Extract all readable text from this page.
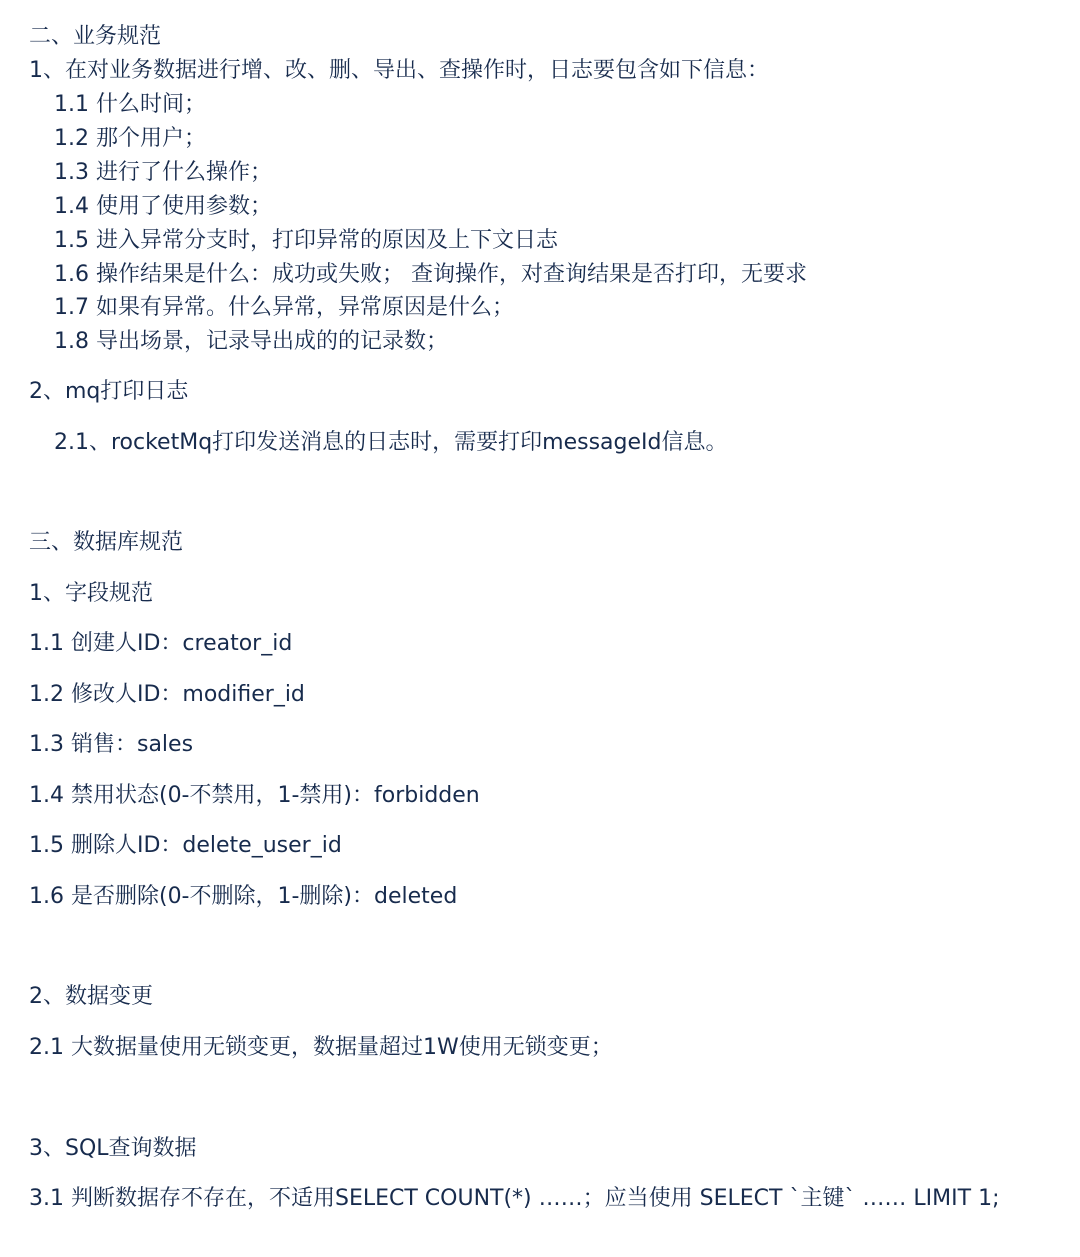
二、业务规范
1、在对业务数据进行增、改、删、导出、查操作时，日志要包含如下信息：
1.1 什么时间；
1.2 那个用户；
1.3 进行了什么操作；
1.4 使用了使用参数；
1.5 进入异常分支时，打印异常的原因及上下文日志
1.6 操作结果是什么：成功或失败； 查询操作，对查询结果是否打印，无要求
1.7 如果有异常。什么异常，异常原因是什么；
1.8 导出场景，记录导出成的的记录数；
2、mq打印日志
2.1、rocketMq打印发送消息的日志时，需要打印messageId信息。
三、数据库规范
1、字段规范
1.1 创建人ID：creator_id
1.2 修改人ID：modifier_id
1.3 销售：sales
1.4 禁用状态(0-不禁用，1-禁用)：forbidden
1.5 删除人ID：delete_user_id
1.6 是否删除(0-不删除，1-删除)：deleted
2、数据变更
2.1 大数据量使用无锁变更，数据量超过1W使用无锁变更；
3、SQL查询数据
3.1 判断数据存不存在，不适用SELECT COUNT(*) ……；应当使用 SELECT `主键` …… LIMIT 1;
